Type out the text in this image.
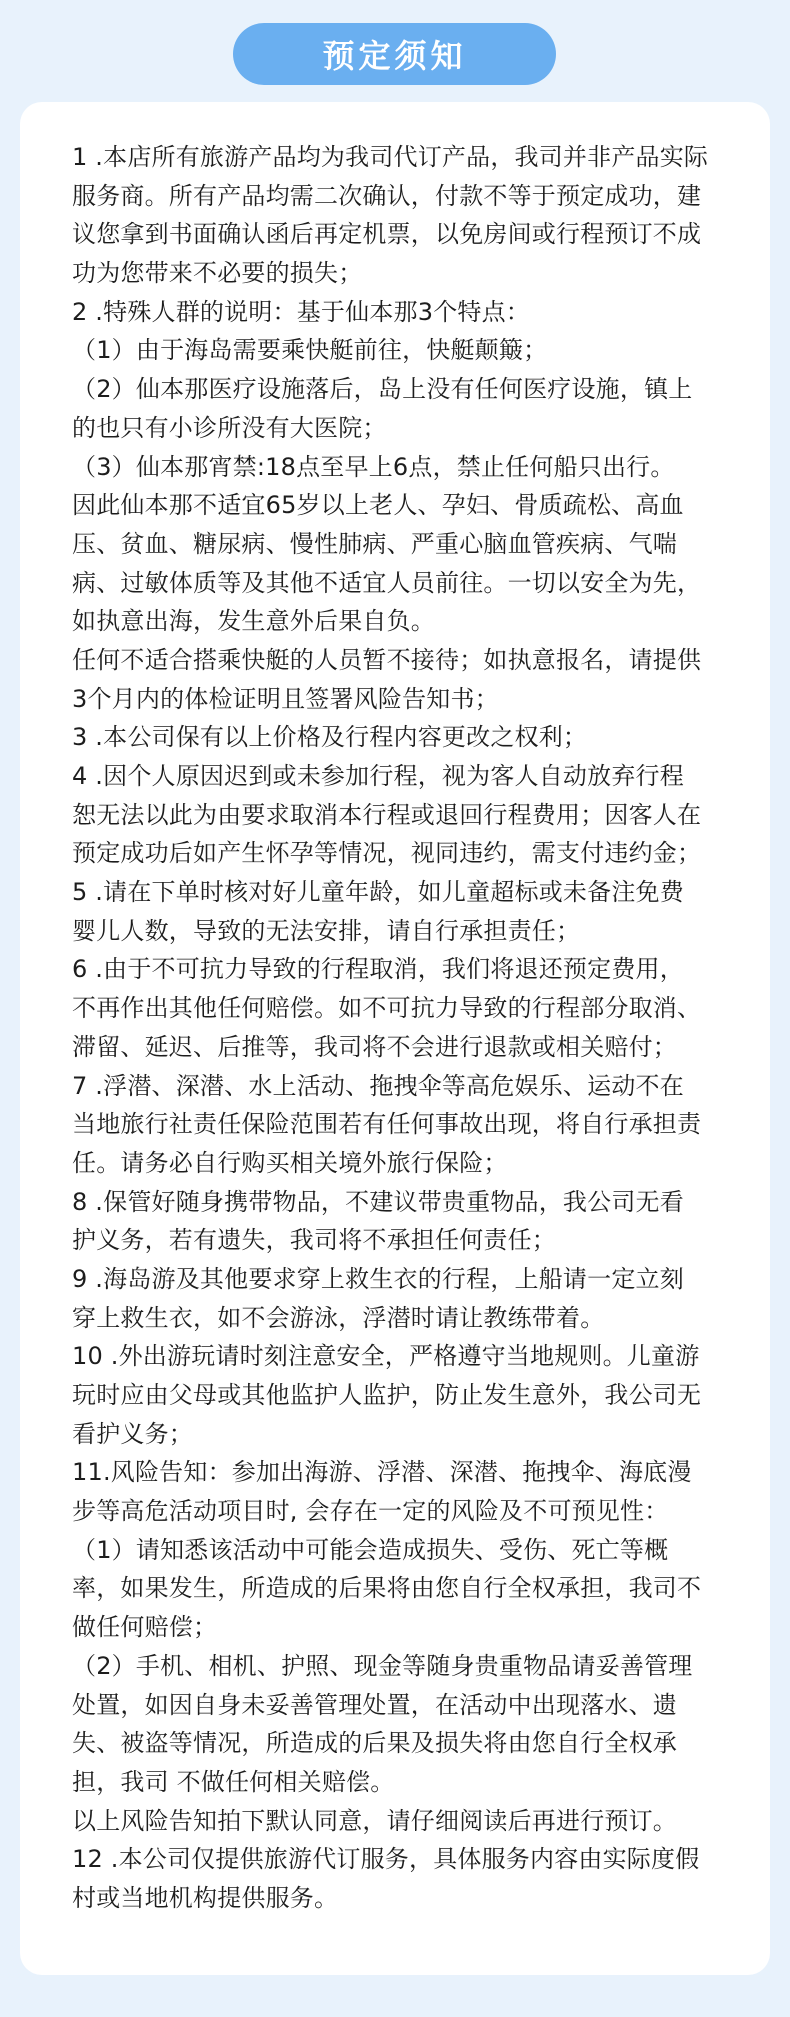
预定须知
1 .本店所有旅游产品均为我司代订产品，我司并非产品实际
服务商。所有产品均需二次确认，付款不等于预定成功，建
议您拿到书面确认函后再定机票，以免房间或行程预订不成
功为您带来不必要的损失；
2 .特殊人群的说明：基于仙本那3个特点：
（1）由于海岛需要乘快艇前往，快艇颠簸；
（2）仙本那医疗设施落后，岛上没有任何医疗设施，镇上
的也只有小诊所没有大医院；
（3）仙本那宵禁:18点至早上6点，禁止任何船只出行。
因此仙本那不适宜65岁以上老人、孕妇、骨质疏松、高血
压、贫血、糖尿病、慢性肺病、严重心脑血管疾病、气喘
病、过敏体质等及其他不适宜人员前往。一切以安全为先，
如执意出海，发生意外后果自负。
任何不适合搭乘快艇的人员暂不接待；如执意报名，请提供
3个月内的体检证明且签署风险告知书；
3 .本公司保有以上价格及行程内容更改之权利；
4 .因个人原因迟到或未参加行程，视为客人自动放弃行程
恕无法以此为由要求取消本行程或退回行程费用；因客人在
预定成功后如产生怀孕等情况，视同违约，需支付违约金；
5 .请在下单时核对好儿童年龄，如儿童超标或未备注免费
婴儿人数，导致的无法安排，请自行承担责任；
6 .由于不可抗力导致的行程取消，我们将退还预定费用，
不再作出其他任何赔偿。如不可抗力导致的行程部分取消、
滞留、延迟、后推等，我司将不会进行退款或相关赔付；
7 .浮潜、深潜、水上活动、拖拽伞等高危娱乐、运动不在
当地旅行社责任保险范围若有任何事故出现，将自行承担责
任。请务必自行购买相关境外旅行保险；
8 .保管好随身携带物品，不建议带贵重物品，我公司无看
护义务，若有遗失，我司将不承担任何责任；
9 .海岛游及其他要求穿上救生衣的行程，上船请一定立刻
穿上救生衣，如不会游泳，浮潜时请让教练带着。
10 .外出游玩请时刻注意安全，严格遵守当地规则。儿童游
玩时应由父母或其他监护人监护，防止发生意外，我公司无
看护义务；
11.风险告知：参加出海游、浮潜、深潜、拖拽伞、海底漫
步等高危活动项目时, 会存在一定的风险及不可预见性：
（1）请知悉该活动中可能会造成损失、受伤、死亡等概
率，如果发生，所造成的后果将由您自行全权承担，我司不
做任何赔偿；
（2）手机、相机、护照、现金等随身贵重物品请妥善管理
处置，如因自身未妥善管理处置，在活动中出现落水、遗
失、被盗等情况，所造成的后果及损失将由您自行全权承
担，我司 不做任何相关赔偿。
以上风险告知拍下默认同意，请仔细阅读后再进行预订。
12 .本公司仅提供旅游代订服务，具体服务内容由实际度假
村或当地机构提供服务。
